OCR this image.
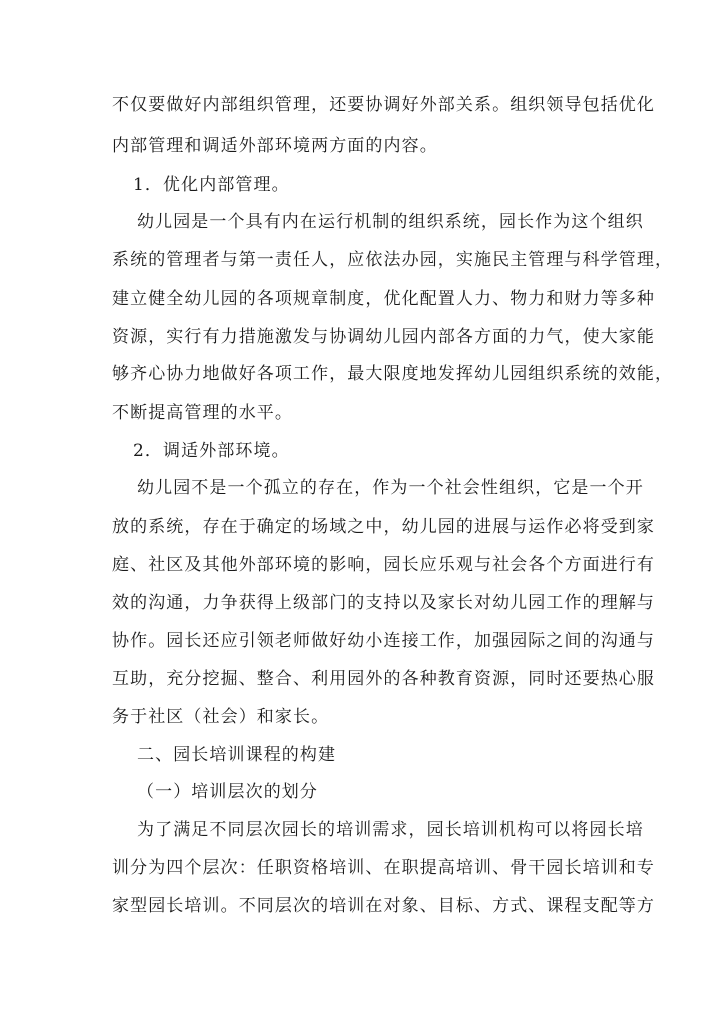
不仅要做好内部组织管理，还要协调好外部关系。组织领导包括优化
内部管理和调适外部环境两方面的内容。
1．优化内部管理。
幼儿园是一个具有内在运行机制的组织系统，园长作为这个组织
系统的管理者与第一责任人，应依法办园，实施民主管理与科学管理，
建立健全幼儿园的各项规章制度，优化配置人力、物力和财力等多种
资源，实行有力措施激发与协调幼儿园内部各方面的力气，使大家能
够齐心协力地做好各项工作，最大限度地发挥幼儿园组织系统的效能，
不断提高管理的水平。
2．调适外部环境。
幼儿园不是一个孤立的存在，作为一个社会性组织，它是一个开
放的系统，存在于确定的场域之中，幼儿园的进展与运作必将受到家
庭、社区及其他外部环境的影响，园长应乐观与社会各个方面进行有
效的沟通，力争获得上级部门的支持以及家长对幼儿园工作的理解与
协作。园长还应引领老师做好幼小连接工作，加强园际之间的沟通与
互助，充分挖掘、整合、利用园外的各种教育资源，同时还要热心服
务于社区（社会）和家长。
二、园长培训课程的构建
（一）培训层次的划分
为了满足不同层次园长的培训需求，园长培训机构可以将园长培
训分为四个层次：任职资格培训、在职提高培训、骨干园长培训和专
家型园长培训。不同层次的培训在对象、目标、方式、课程支配等方
